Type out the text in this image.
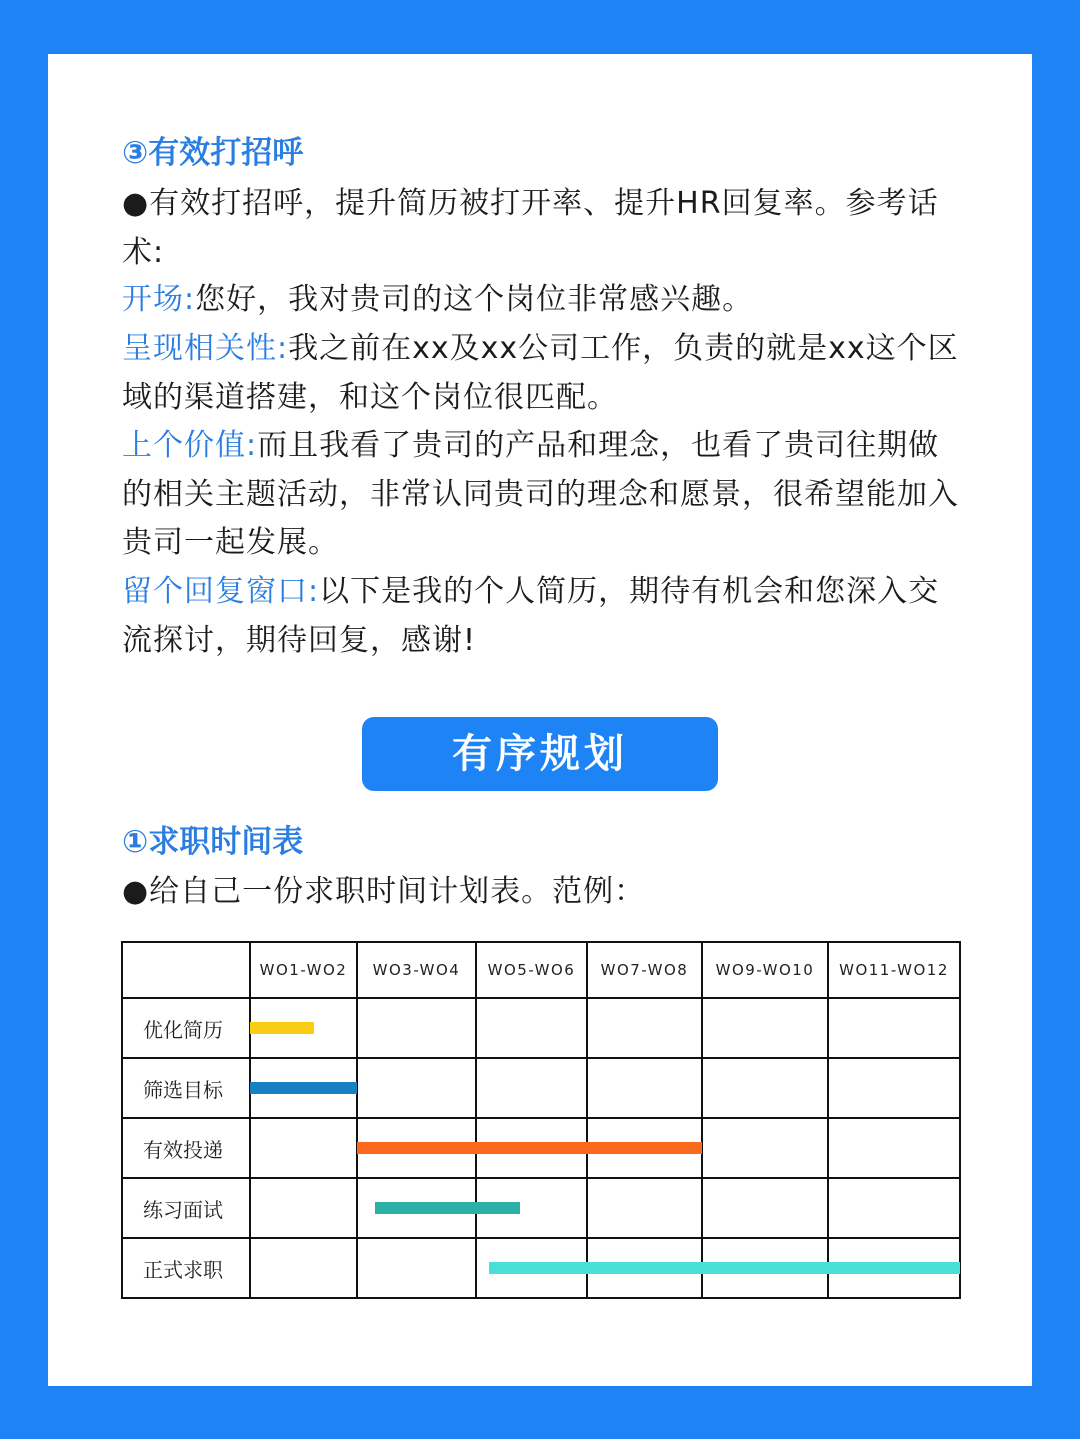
③有效打招呼
●有效打招呼，提升简历被打开率、提升HR回复率。参考话术:
开场:您好，我对贵司的这个岗位非常感兴趣。
呈现相关性:我之前在xx及xx公司工作，负责的就是xx这个区域的渠道搭建，和这个岗位很匹配。
上个价值:而且我看了贵司的产品和理念，也看了贵司往期做的相关主题活动，非常认同贵司的理念和愿景，很希望能加入贵司一起发展。
留个回复窗口:以下是我的个人简历，期待有机会和您深入交流探讨，期待回复，感谢!
有序规划
①求职时间表
●给自己一份求职时间计划表。范例：
	WO1-WO2	WO3-WO4	WO5-WO6	WO7-WO8	WO9-WO10	WO11-WO12
优化简历						
筛选目标						
有效投递						
练习面试						
正式求职						
